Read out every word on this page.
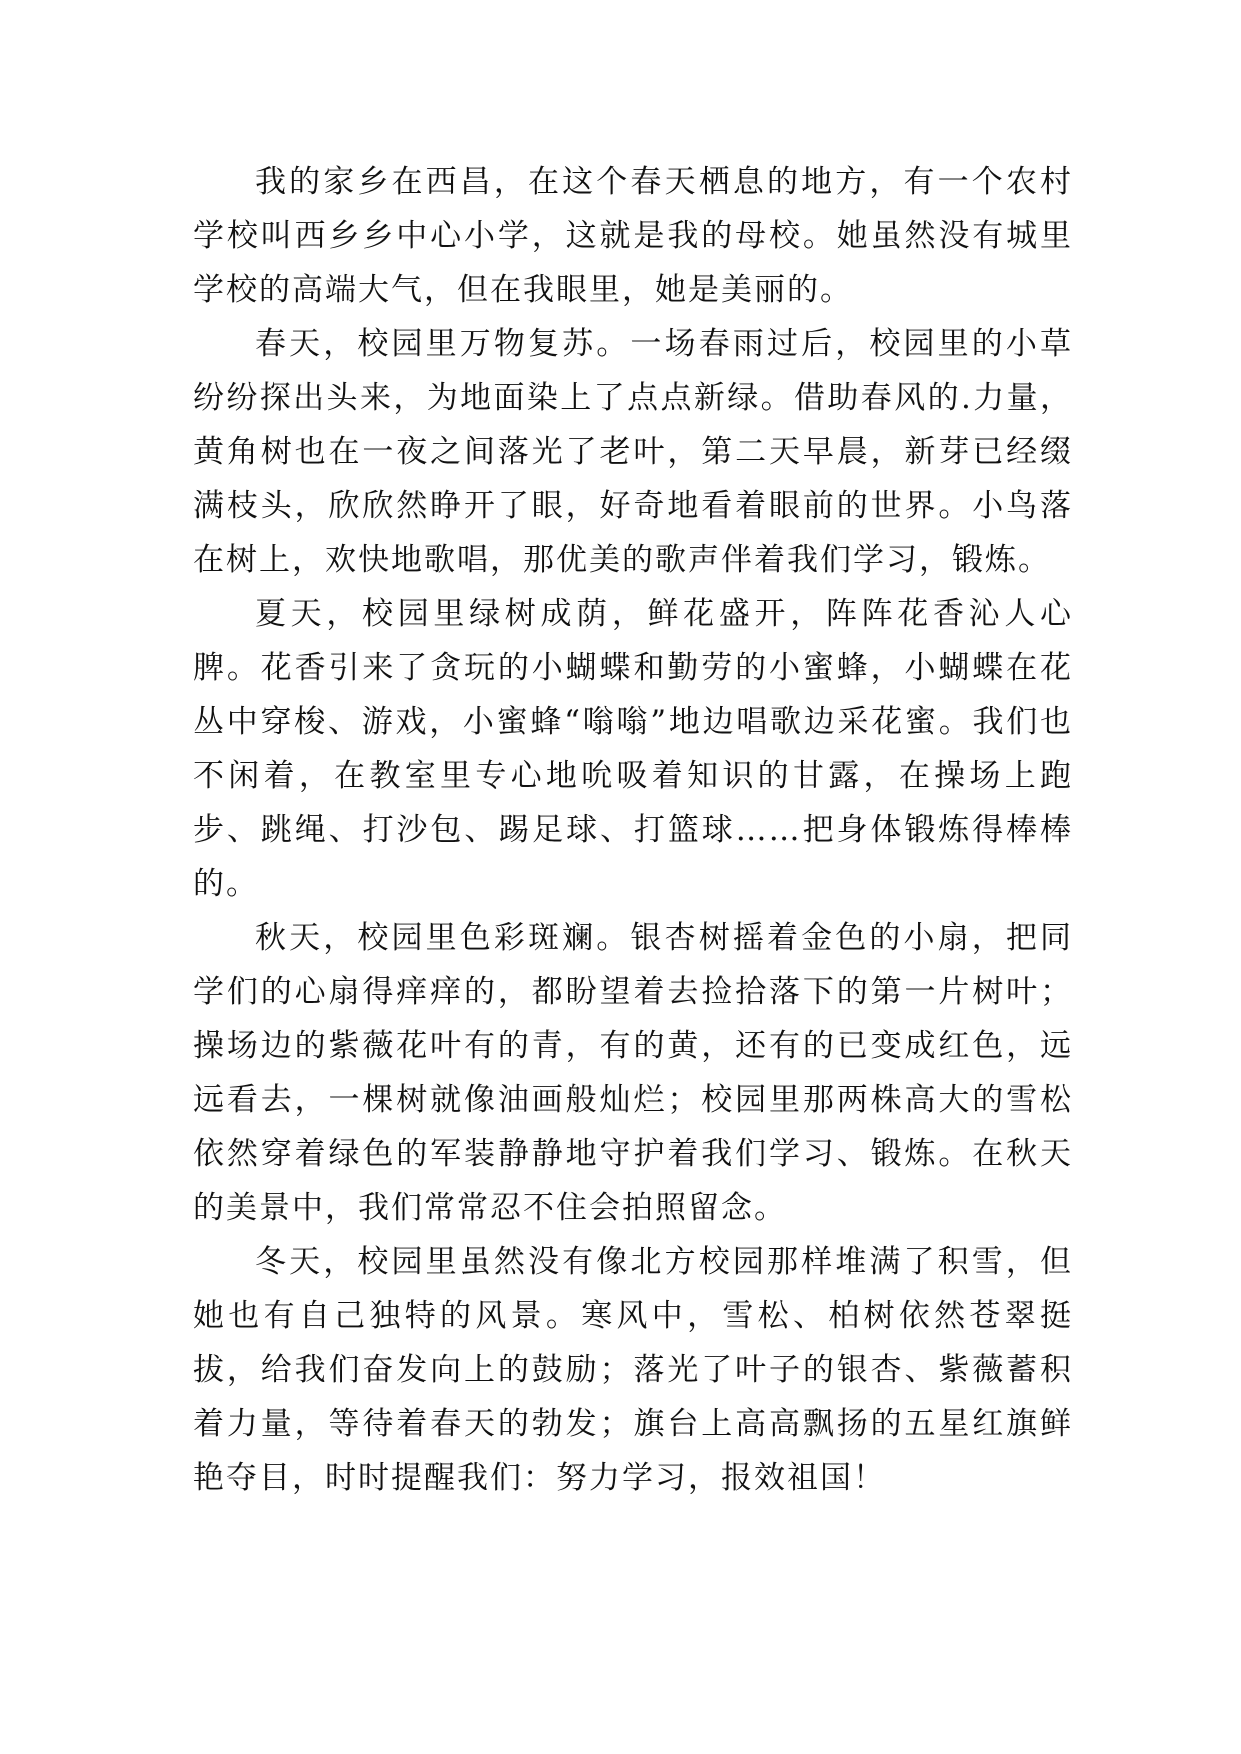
我的家乡在西昌，在这个春天栖息的地方，有一个农村学校叫西乡乡中心小学，这就是我的母校。她虽然没有城里学校的高端大气，但在我眼里，她是美丽的。

春天，校园里万物复苏。一场春雨过后，校园里的小草纷纷探出头来，为地面染上了点点新绿。借助春风的.力量，黄角树也在一夜之间落光了老叶，第二天早晨，新芽已经缀满枝头，欣欣然睁开了眼，好奇地看着眼前的世界。小鸟落在树上，欢快地歌唱，那优美的歌声伴着我们学习，锻炼。

夏天，校园里绿树成荫，鲜花盛开，阵阵花香沁人心脾。花香引来了贪玩的小蝴蝶和勤劳的小蜜蜂，小蝴蝶在花丛中穿梭、游戏，小蜜蜂“嗡嗡”地边唱歌边采花蜜。我们也不闲着，在教室里专心地吮吸着知识的甘露，在操场上跑步、跳绳、打沙包、踢足球、打篮球……把身体锻炼得棒棒的。

秋天，校园里色彩斑斓。银杏树摇着金色的小扇，把同学们的心扇得痒痒的，都盼望着去捡拾落下的第一片树叶；操场边的紫薇花叶有的青，有的黄，还有的已变成红色，远远看去，一棵树就像油画般灿烂；校园里那两株高大的雪松依然穿着绿色的军装静静地守护着我们学习、锻炼。在秋天的美景中，我们常常忍不住会拍照留念。

冬天，校园里虽然没有像北方校园那样堆满了积雪，但她也有自己独特的风景。寒风中，雪松、柏树依然苍翠挺拔，给我们奋发向上的鼓励；落光了叶子的银杏、紫薇蓄积着力量，等待着春天的勃发；旗台上高高飘扬的五星红旗鲜艳夺目，时时提醒我们：努力学习，报效祖国！
